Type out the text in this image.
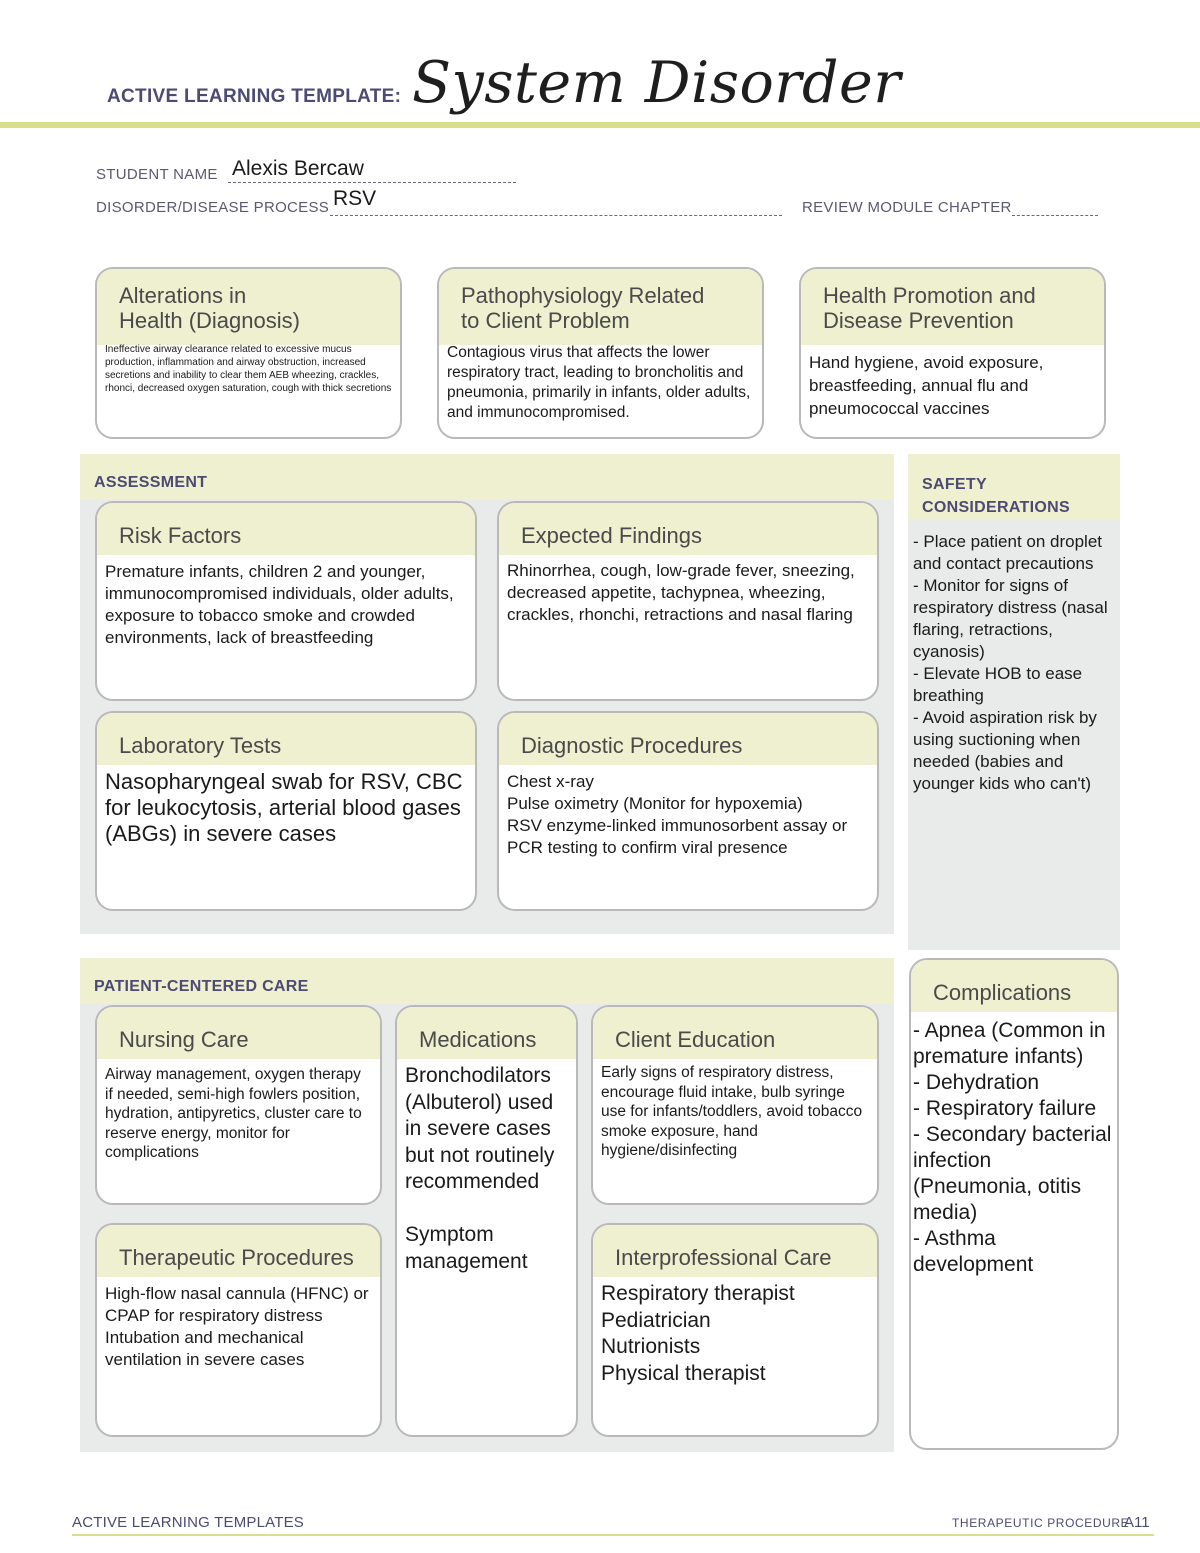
ACTIVE LEARNING TEMPLATE: System Disorder
STUDENT NAME Alexis Bercaw
DISORDER/DISEASE PROCESS RSV	REVIEW MODULE CHAPTER
Alterations in
Health (Diagnosis)
Ineffective airway clearance related to excessive mucus production, inflammation and airway obstruction, increased secretions and inability to clear them AEB wheezing, crackles, rhonci, decreased oxygen saturation, cough with thick secretions
Pathophysiology Related
to Client Problem
Contagious virus that affects the lower respiratory tract, leading to broncholitis and pneumonia, primarily in infants, older adults, and immunocompromised.
Health Promotion and
Disease Prevention
Hand hygiene, avoid exposure, breastfeeding, annual flu and pneumococcal vaccines
ASSESSMENT
Risk Factors
Premature infants, children 2 and younger, immunocompromised individuals, older adults, exposure to tobacco smoke and crowded environments, lack of breastfeeding
Expected Findings
Rhinorrhea, cough, low-grade fever, sneezing, decreased appetite, tachypnea, wheezing, crackles, rhonchi, retractions and nasal flaring
Laboratory Tests
Nasopharyngeal swab for RSV, CBC for leukocytosis, arterial blood gases (ABGs) in severe cases
Diagnostic Procedures
Chest x-ray
Pulse oximetry (Monitor for hypoxemia)
RSV enzyme-linked immunosorbent assay or PCR testing to confirm viral presence
SAFETY
CONSIDERATIONS
- Place patient on droplet and contact precautions
- Monitor for signs of respiratory distress (nasal flaring, retractions, cyanosis)
- Elevate HOB to ease breathing
- Avoid aspiration risk by using suctioning when needed (babies and younger kids who can't)
PATIENT-CENTERED CARE
Nursing Care
Airway management, oxygen therapy if needed, semi-high fowlers position, hydration, antipyretics, cluster care to reserve energy, monitor for complications
Medications
Bronchodilators (Albuterol) used in severe cases but not routinely recommended

Symptom management
Client Education
Early signs of respiratory distress, encourage fluid intake, bulb syringe use for infants/toddlers, avoid tobacco smoke exposure, hand hygiene/disinfecting
Therapeutic Procedures
High-flow nasal cannula (HFNC) or CPAP for respiratory distress
Intubation and mechanical ventilation in severe cases
Interprofessional Care
Respiratory therapist
Pediatrician
Nutrionists
Physical therapist
Complications
- Apnea (Common in premature infants)
- Dehydration
- Respiratory failure
- Secondary bacterial infection (Pneumonia, otitis media)
- Asthma development
ACTIVE LEARNING TEMPLATES	THERAPEUTIC PROCEDURE
A11
